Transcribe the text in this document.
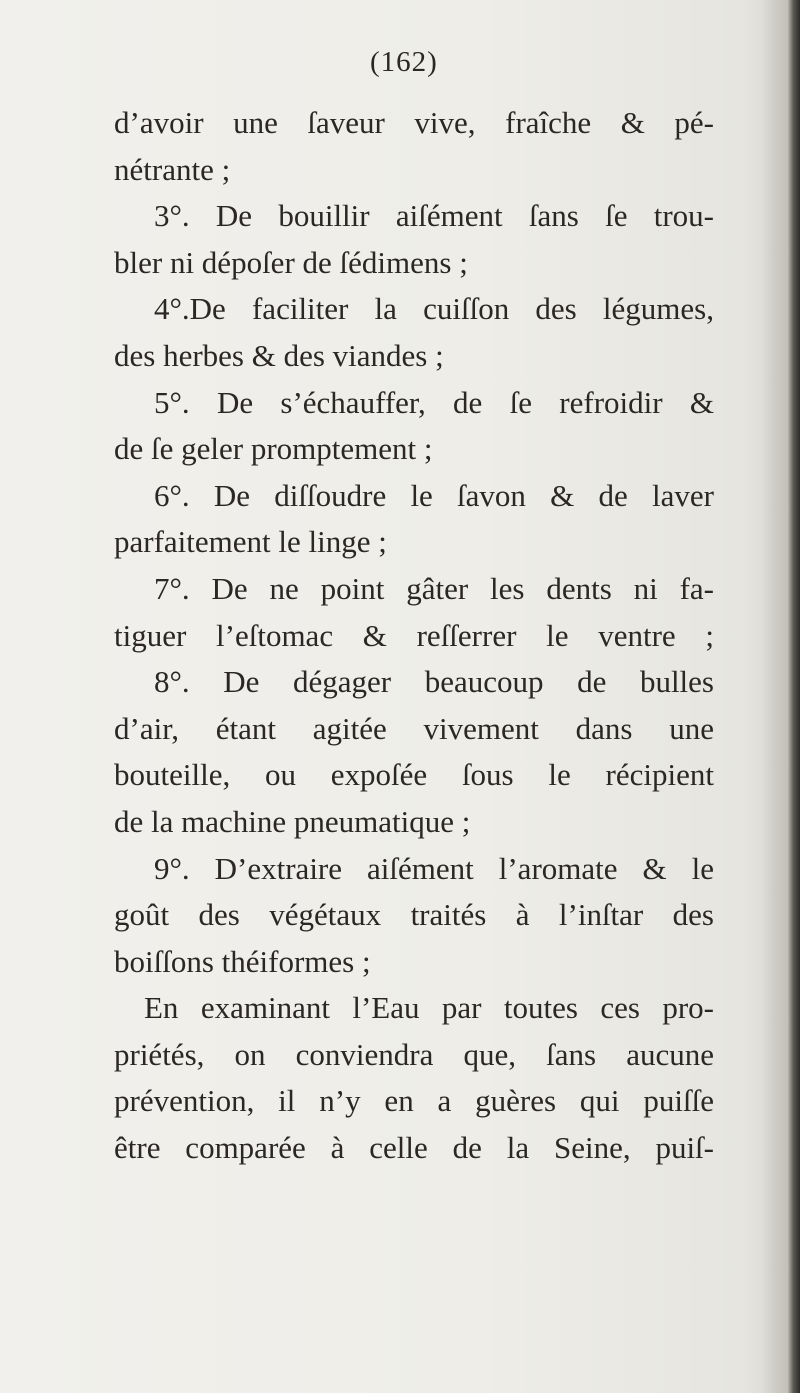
(162)
d’avoir une ſaveur vive, fraîche & pé-
nétrante ;
3°. De bouillir aiſément ſans ſe trou-
bler ni dépoſer de ſédimens ;
4°.De faciliter la cuiſſon des légumes,
des herbes & des viandes ;
5°. De s’échauffer, de ſe refroidir &
de ſe geler promptement ;
6°. De diſſoudre le ſavon & de laver
parfaitement le linge ;
7°. De ne point gâter les dents ni fa-
tiguer l’eſtomac & reſſerrer le ventre ;
8°. De dégager beaucoup de bulles
d’air, étant agitée vivement dans une
bouteille, ou expoſée ſous le récipient
de la machine pneumatique ;
9°. D’extraire aiſément l’aromate & le
goût des végétaux traités à l’inſtar des
boiſſons théiformes ;
En examinant l’Eau par toutes ces pro-
priétés, on conviendra que, ſans aucune
prévention, il n’y en a guères qui puiſſe
être comparée à celle de la Seine, puiſ-
